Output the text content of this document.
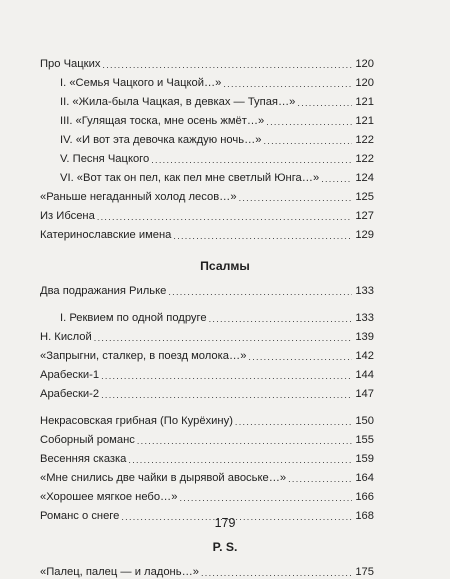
Про Чацких .....	120
I. «Семья Чацкого и Чацкой…» .....	120
II. «Жила-была Чацкая, в девках — Тупая…» .....	121
III. «Гулящая тоска, мне осень жмёт…» .....	121
IV. «И вот эта девочка каждую ночь…» .....	122
V. Песня Чацкого .....	122
VI. «Вот так он пел, как пел мне светлый Юнга…» .....	124
«Раньше негаданный холод лесов…» .....	125
Из Ибсена .....	127
Катеринославские имена .....	129
Псалмы
Два подражания Рильке .....	133
I. Реквием по одной подруге .....	133
Н. Кислой .....	139
«Запрыгни, сталкер, в поезд молока…» .....	142
Арабески-1 .....	144
Арабески-2 .....	147
Некрасовская грибная (По Курёхину) .....	150
Соборный романс .....	155
Весенняя сказка .....	159
«Мне снились две чайки в дырявой авоське…» .....	164
«Хорошее мягкое небо…» .....	166
Романс о снеге .....	168
P. S.
«Палец, палец — и ладонь…» .....	175
179
